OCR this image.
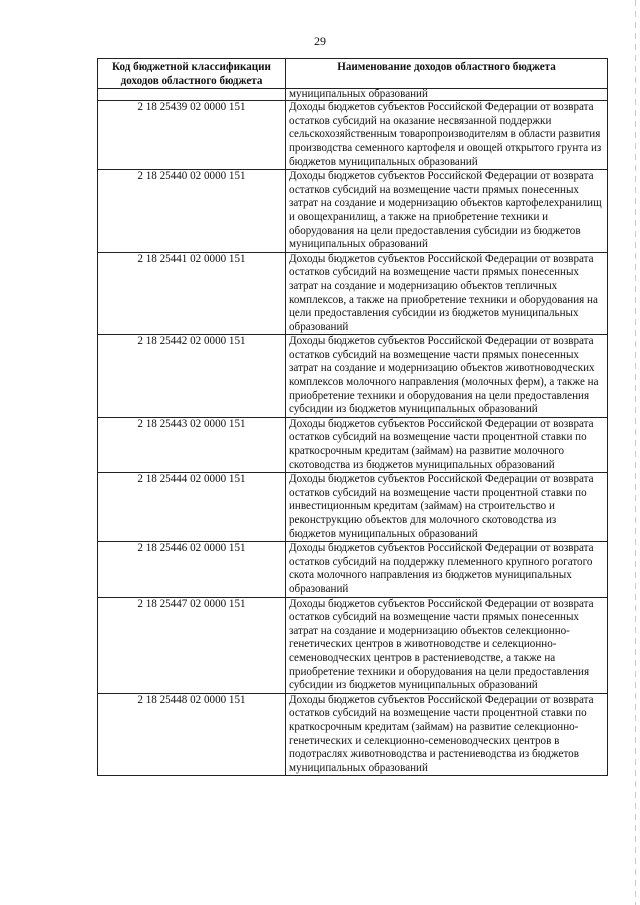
29
Код бюджетной классификации доходов областного бюджета	Наименование доходов областного бюджета
	муниципальных образований
2 18 25439 02 0000 151	Доходы бюджетов субъектов Российской Федерации от возврата остатков субсидий на оказание несвязанной поддержки сельскохозяйственным товаропроизводителям в области развития производства семенного картофеля и овощей открытого грунта из бюджетов муниципальных образований
2 18 25440 02 0000 151	Доходы бюджетов субъектов Российской Федерации от возврата остатков субсидий на возмещение части прямых понесенных затрат на создание и модернизацию объектов картофелехранилищ и овощехранилищ, а также на приобретение техники и оборудования на цели предоставления субсидии из бюджетов муниципальных образований
2 18 25441 02 0000 151	Доходы бюджетов субъектов Российской Федерации от возврата остатков субсидий на возмещение части прямых понесенных затрат на создание и модернизацию объектов тепличных комплексов, а также на приобретение техники и оборудования на цели предоставления субсидии из бюджетов муниципальных образований
2 18 25442 02 0000 151	Доходы бюджетов субъектов Российской Федерации от возврата остатков субсидий на возмещение части прямых понесенных затрат на создание и модернизацию объектов животноводческих комплексов молочного направления (молочных ферм), а также на приобретение техники и оборудования на цели предоставления субсидии из бюджетов муниципальных образований
2 18 25443 02 0000 151	Доходы бюджетов субъектов Российской Федерации от возврата остатков субсидий на возмещение части процентной ставки по краткосрочным кредитам (займам) на развитие молочного скотоводства из бюджетов муниципальных образований
2 18 25444 02 0000 151	Доходы бюджетов субъектов Российской Федерации от возврата остатков субсидий на возмещение части процентной ставки по инвестиционным кредитам (займам) на строительство и реконструкцию объектов для молочного скотоводства из бюджетов муниципальных образований
2 18 25446 02 0000 151	Доходы бюджетов субъектов Российской Федерации от возврата остатков субсидий на поддержку племенного крупного рогатого скота молочного направления из бюджетов муниципальных образований
2 18 25447 02 0000 151	Доходы бюджетов субъектов Российской Федерации от возврата остатков субсидий на возмещение части прямых понесенных затрат на создание и модернизацию объектов селекционно-генетических центров в животноводстве и селекционно-семеноводческих центров в растениеводстве, а также на приобретение техники и оборудования на цели предоставления субсидии из бюджетов муниципальных образований
2 18 25448 02 0000 151	Доходы бюджетов субъектов Российской Федерации от возврата остатков субсидий на возмещение части процентной ставки по краткосрочным кредитам (займам) на развитие селекционно-генетических и селекционно-семеноводческих центров в подотраслях животноводства и растениеводства из бюджетов муниципальных образований
